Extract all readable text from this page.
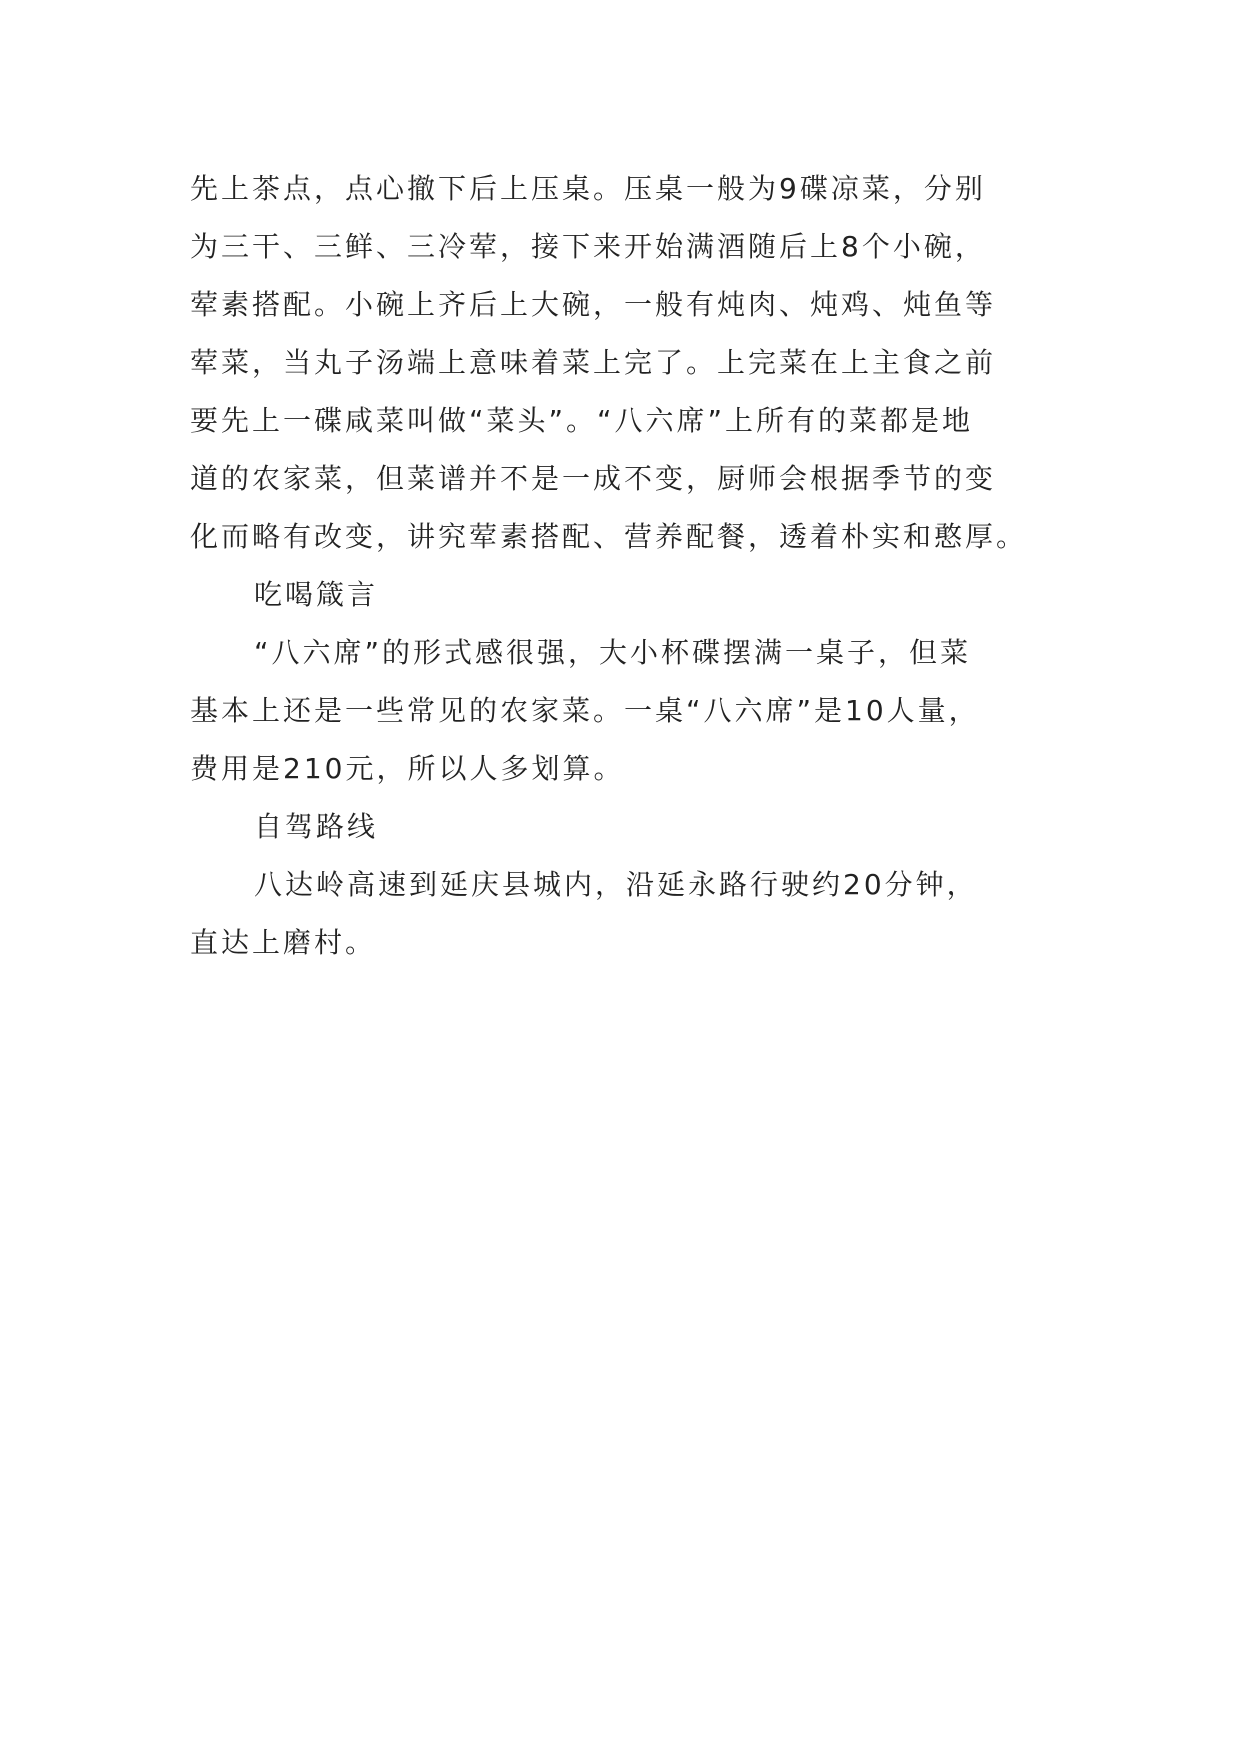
先上茶点，点心撤下后上压桌。压桌一般为9碟凉菜，分别
为三干、三鲜、三冷荤，接下来开始满酒随后上8个小碗，
荤素搭配。小碗上齐后上大碗，一般有炖肉、炖鸡、炖鱼等
荤菜，当丸子汤端上意味着菜上完了。上完菜在上主食之前
要先上一碟咸菜叫做“菜头”。“八六席”上所有的菜都是地
道的农家菜，但菜谱并不是一成不变，厨师会根据季节的变
化而略有改变，讲究荤素搭配、营养配餐，透着朴实和憨厚。
吃喝箴言
“八六席”的形式感很强，大小杯碟摆满一桌子，但菜
基本上还是一些常见的农家菜。一桌“八六席”是10人量，
费用是210元，所以人多划算。
自驾路线
八达岭高速到延庆县城内，沿延永路行驶约20分钟，
直达上磨村。
